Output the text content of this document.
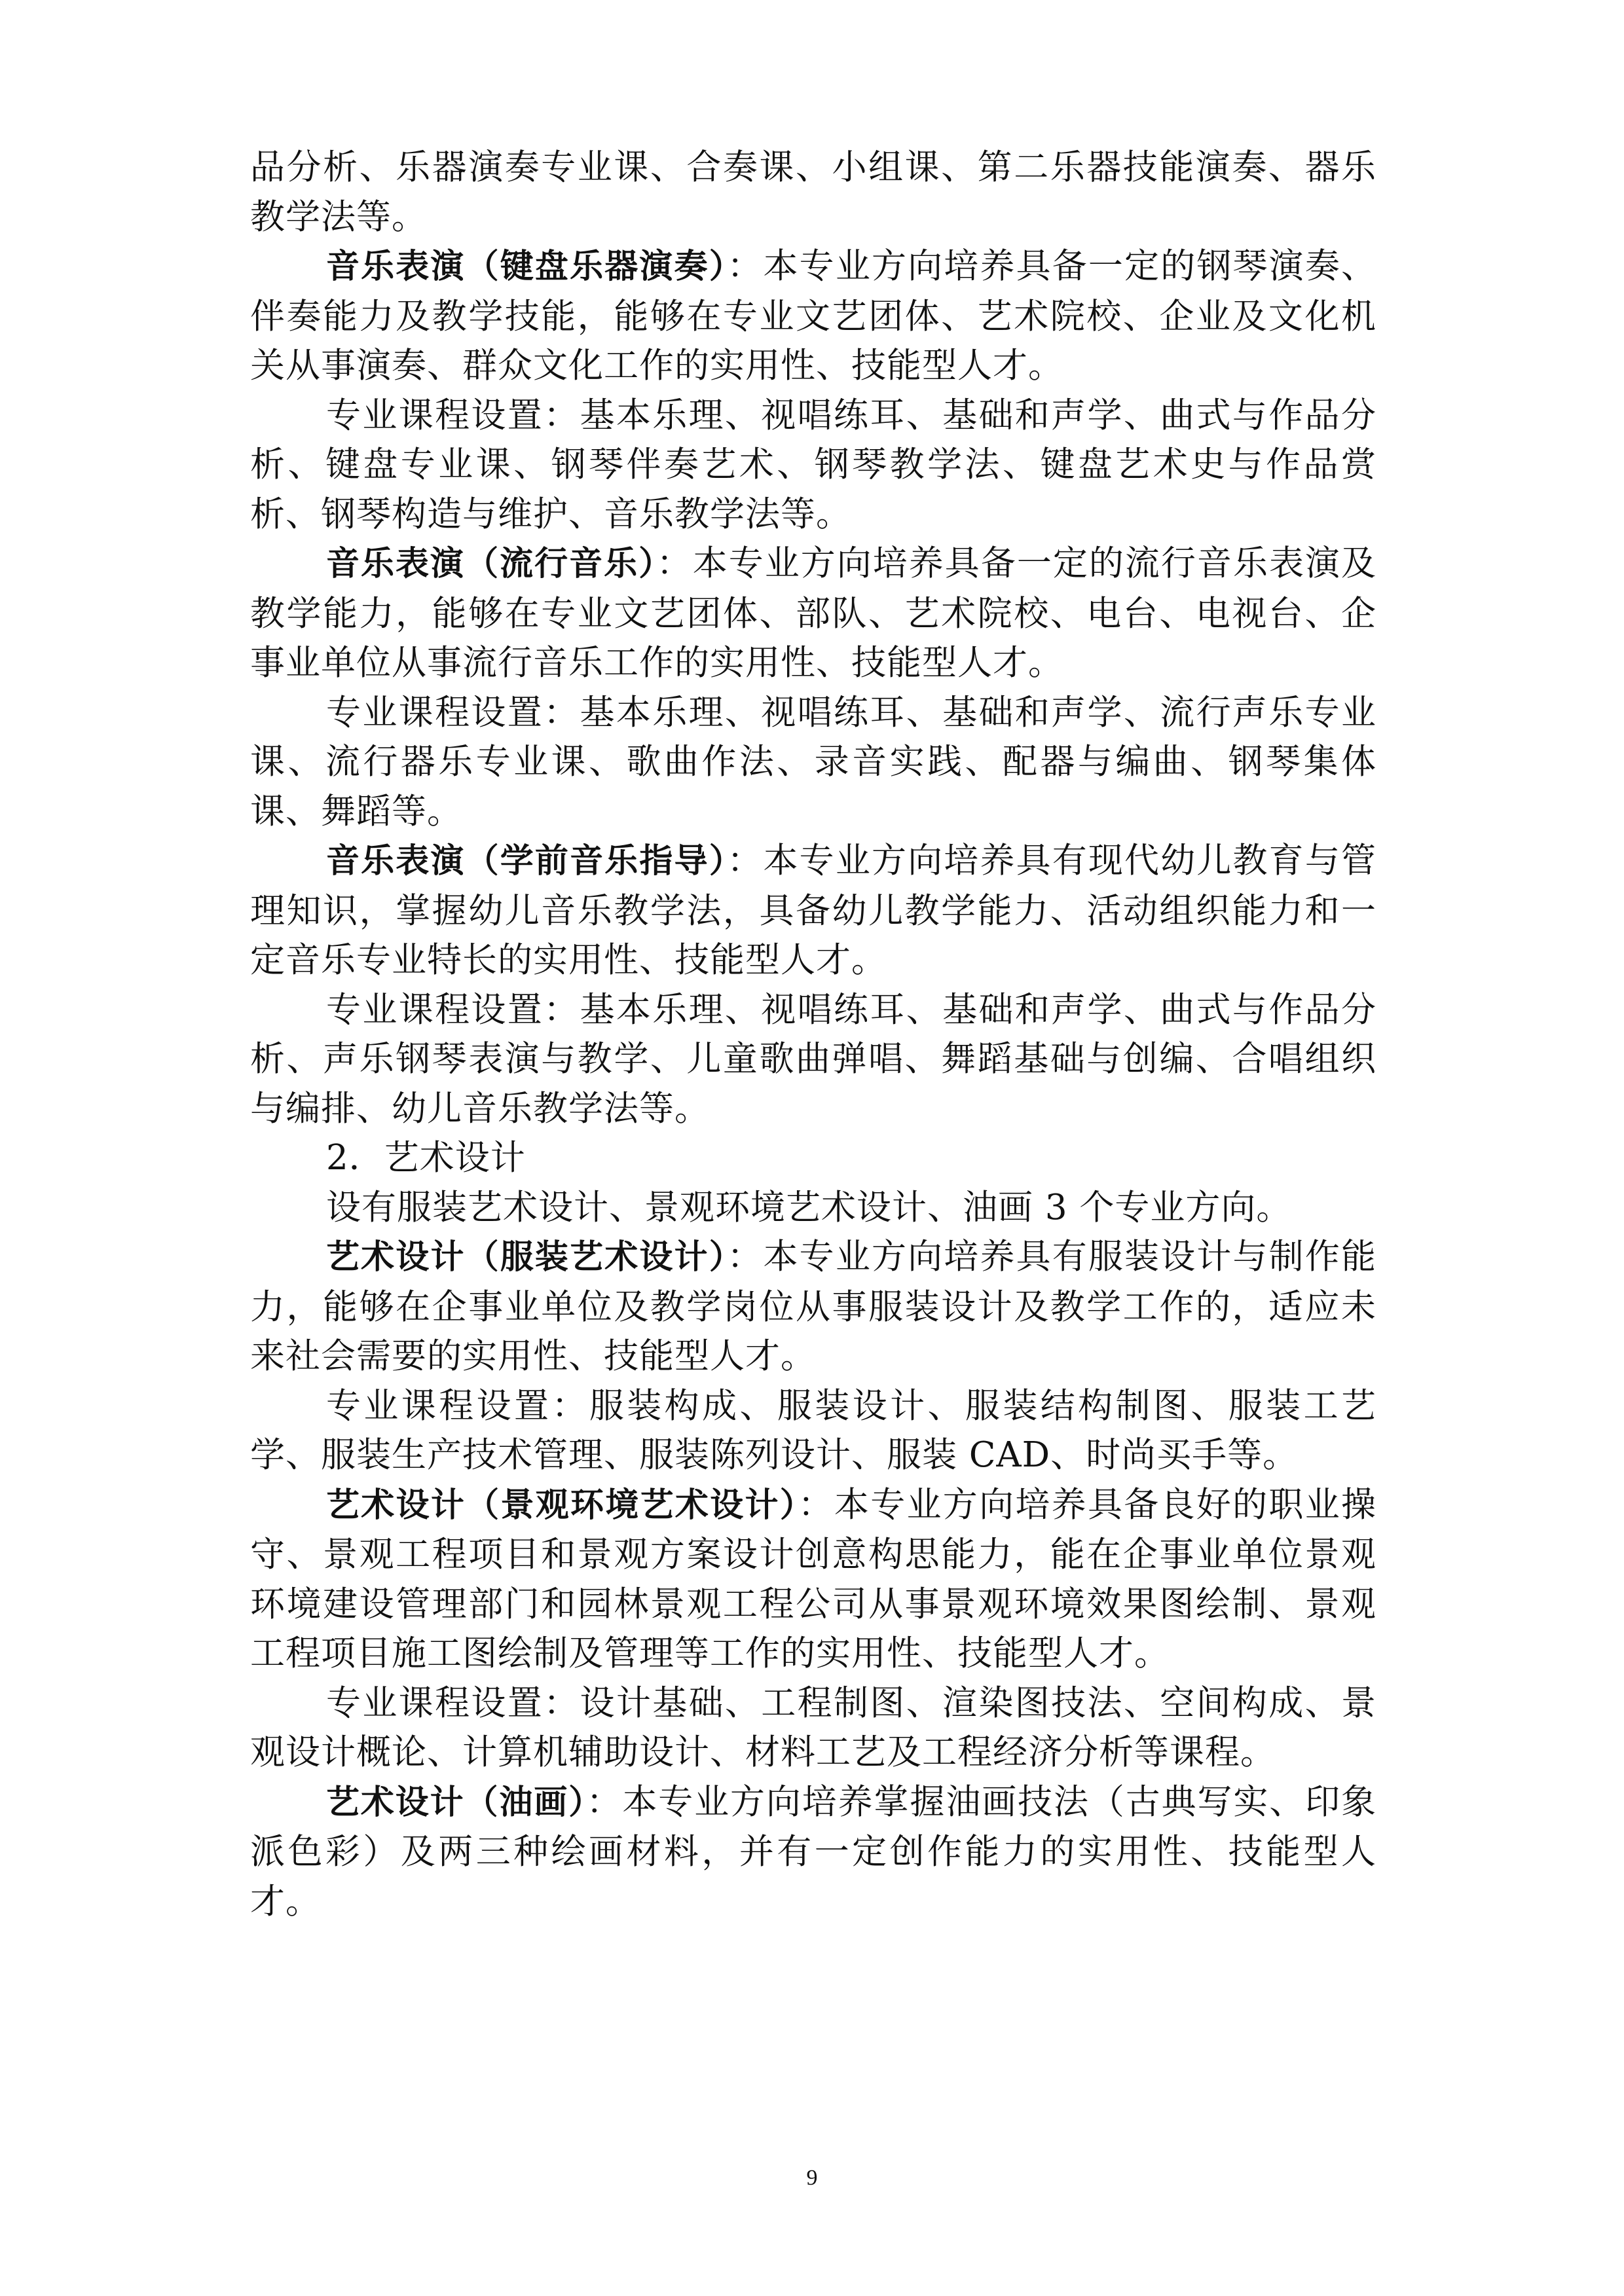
品分析、乐器演奏专业课、合奏课、小组课、第二乐器技能演奏、器乐教学法等。

音乐表演（键盘乐器演奏）：本专业方向培养具备一定的钢琴演奏、伴奏能力及教学技能，能够在专业文艺团体、艺术院校、企业及文化机关从事演奏、群众文化工作的实用性、技能型人才。

专业课程设置：基本乐理、视唱练耳、基础和声学、曲式与作品分析、键盘专业课、钢琴伴奏艺术、钢琴教学法、键盘艺术史与作品赏析、钢琴构造与维护、音乐教学法等。

音乐表演（流行音乐）：本专业方向培养具备一定的流行音乐表演及教学能力，能够在专业文艺团体、部队、艺术院校、电台、电视台、企事业单位从事流行音乐工作的实用性、技能型人才。

专业课程设置：基本乐理、视唱练耳、基础和声学、流行声乐专业课、流行器乐专业课、歌曲作法、录音实践、配器与编曲、钢琴集体课、舞蹈等。

音乐表演（学前音乐指导）：本专业方向培养具有现代幼儿教育与管理知识，掌握幼儿音乐教学法，具备幼儿教学能力、活动组织能力和一定音乐专业特长的实用性、技能型人才。

专业课程设置：基本乐理、视唱练耳、基础和声学、曲式与作品分析、声乐钢琴表演与教学、儿童歌曲弹唱、舞蹈基础与创编、合唱组织与编排、幼儿音乐教学法等。

2．艺术设计

设有服装艺术设计、景观环境艺术设计、油画 3 个专业方向。

艺术设计（服装艺术设计）：本专业方向培养具有服装设计与制作能力，能够在企事业单位及教学岗位从事服装设计及教学工作的，适应未来社会需要的实用性、技能型人才。

专业课程设置：服装构成、服装设计、服装结构制图、服装工艺学、服装生产技术管理、服装陈列设计、服装 CAD、时尚买手等。

艺术设计（景观环境艺术设计）：本专业方向培养具备良好的职业操守、景观工程项目和景观方案设计创意构思能力，能在企事业单位景观环境建设管理部门和园林景观工程公司从事景观环境效果图绘制、景观工程项目施工图绘制及管理等工作的实用性、技能型人才。

专业课程设置：设计基础、工程制图、渲染图技法、空间构成、景观设计概论、计算机辅助设计、材料工艺及工程经济分析等课程。

艺术设计（油画）：本专业方向培养掌握油画技法（古典写实、印象派色彩）及两三种绘画材料，并有一定创作能力的实用性、技能型人才。

9
